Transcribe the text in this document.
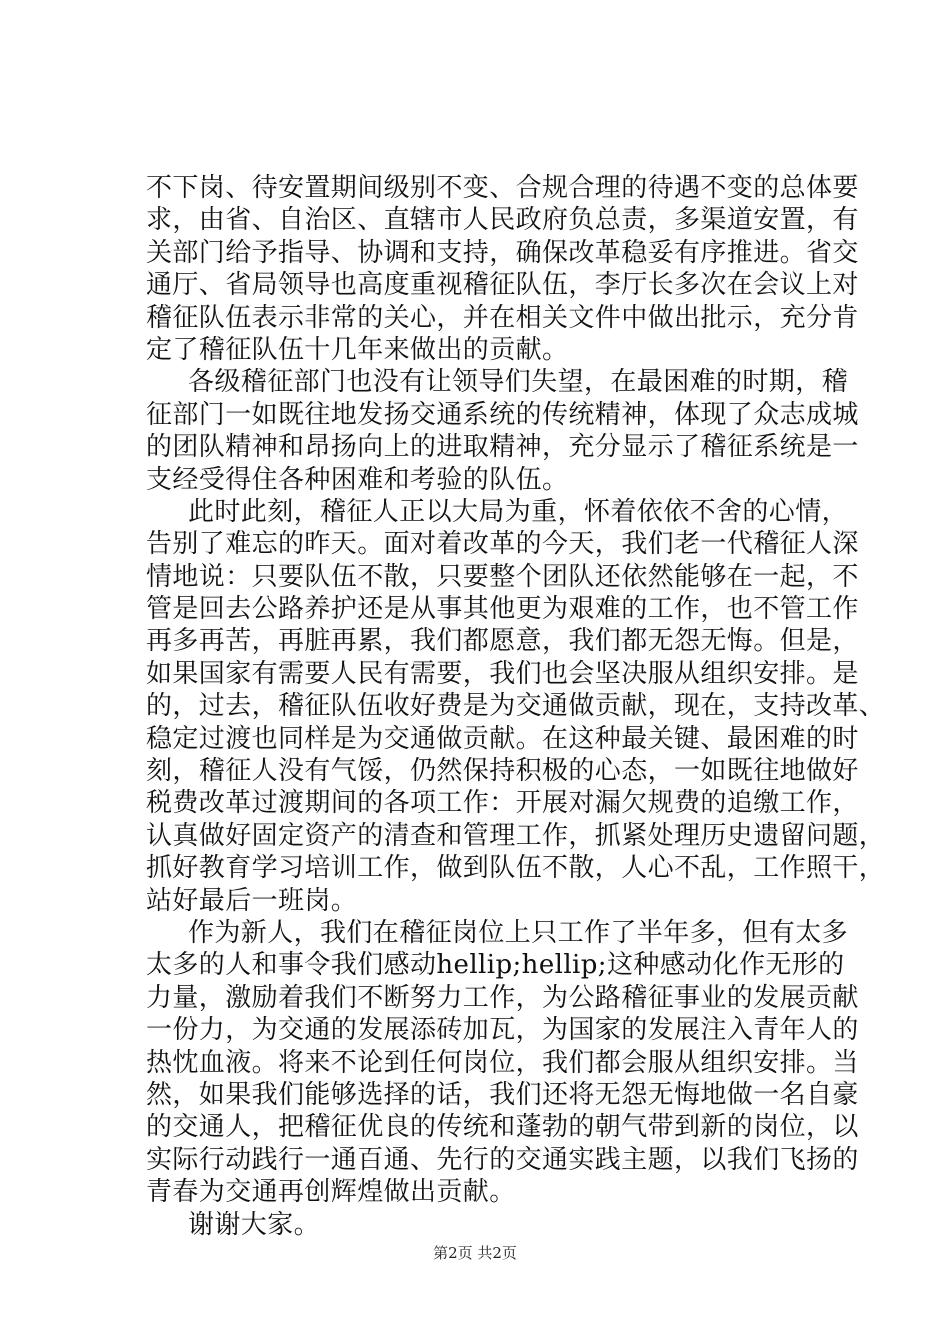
不下岗、待安置期间级别不变、合规合理的待遇不变的总体要
求，由省、自治区、直辖市人民政府负总责，多渠道安置，有
关部门给予指导、协调和支持，确保改革稳妥有序推进。省交
通厅、省局领导也高度重视稽征队伍，李厅长多次在会议上对
稽征队伍表示非常的关心，并在相关文件中做出批示，充分肯
定了稽征队伍十几年来做出的贡献。
各级稽征部门也没有让领导们失望，在最困难的时期，稽
征部门一如既往地发扬交通系统的传统精神，体现了众志成城
的团队精神和昂扬向上的进取精神，充分显示了稽征系统是一
支经受得住各种困难和考验的队伍。
此时此刻，稽征人正以大局为重，怀着依依不舍的心情，
告别了难忘的昨天。面对着改革的今天，我们老一代稽征人深
情地说：只要队伍不散，只要整个团队还依然能够在一起，不
管是回去公路养护还是从事其他更为艰难的工作，也不管工作
再多再苦，再脏再累，我们都愿意，我们都无怨无悔。但是，
如果国家有需要人民有需要，我们也会坚决服从组织安排。是
的，过去，稽征队伍收好费是为交通做贡献，现在，支持改革、
稳定过渡也同样是为交通做贡献。在这种最关键、最困难的时
刻，稽征人没有气馁，仍然保持积极的心态，一如既往地做好
税费改革过渡期间的各项工作：开展对漏欠规费的追缴工作，
认真做好固定资产的清查和管理工作，抓紧处理历史遗留问题，
抓好教育学习培训工作，做到队伍不散，人心不乱，工作照干，
站好最后一班岗。
作为新人，我们在稽征岗位上只工作了半年多，但有太多
太多的人和事令我们感动hellip;hellip;这种感动化作无形的
力量，激励着我们不断努力工作，为公路稽征事业的发展贡献
一份力，为交通的发展添砖加瓦，为国家的发展注入青年人的
热忱血液。将来不论到任何岗位，我们都会服从组织安排。当
然，如果我们能够选择的话，我们还将无怨无悔地做一名自豪
的交通人，把稽征优良的传统和蓬勃的朝气带到新的岗位，以
实际行动践行一通百通、先行的交通实践主题，以我们飞扬的
青春为交通再创辉煌做出贡献。
谢谢大家。
第2页 共2页
